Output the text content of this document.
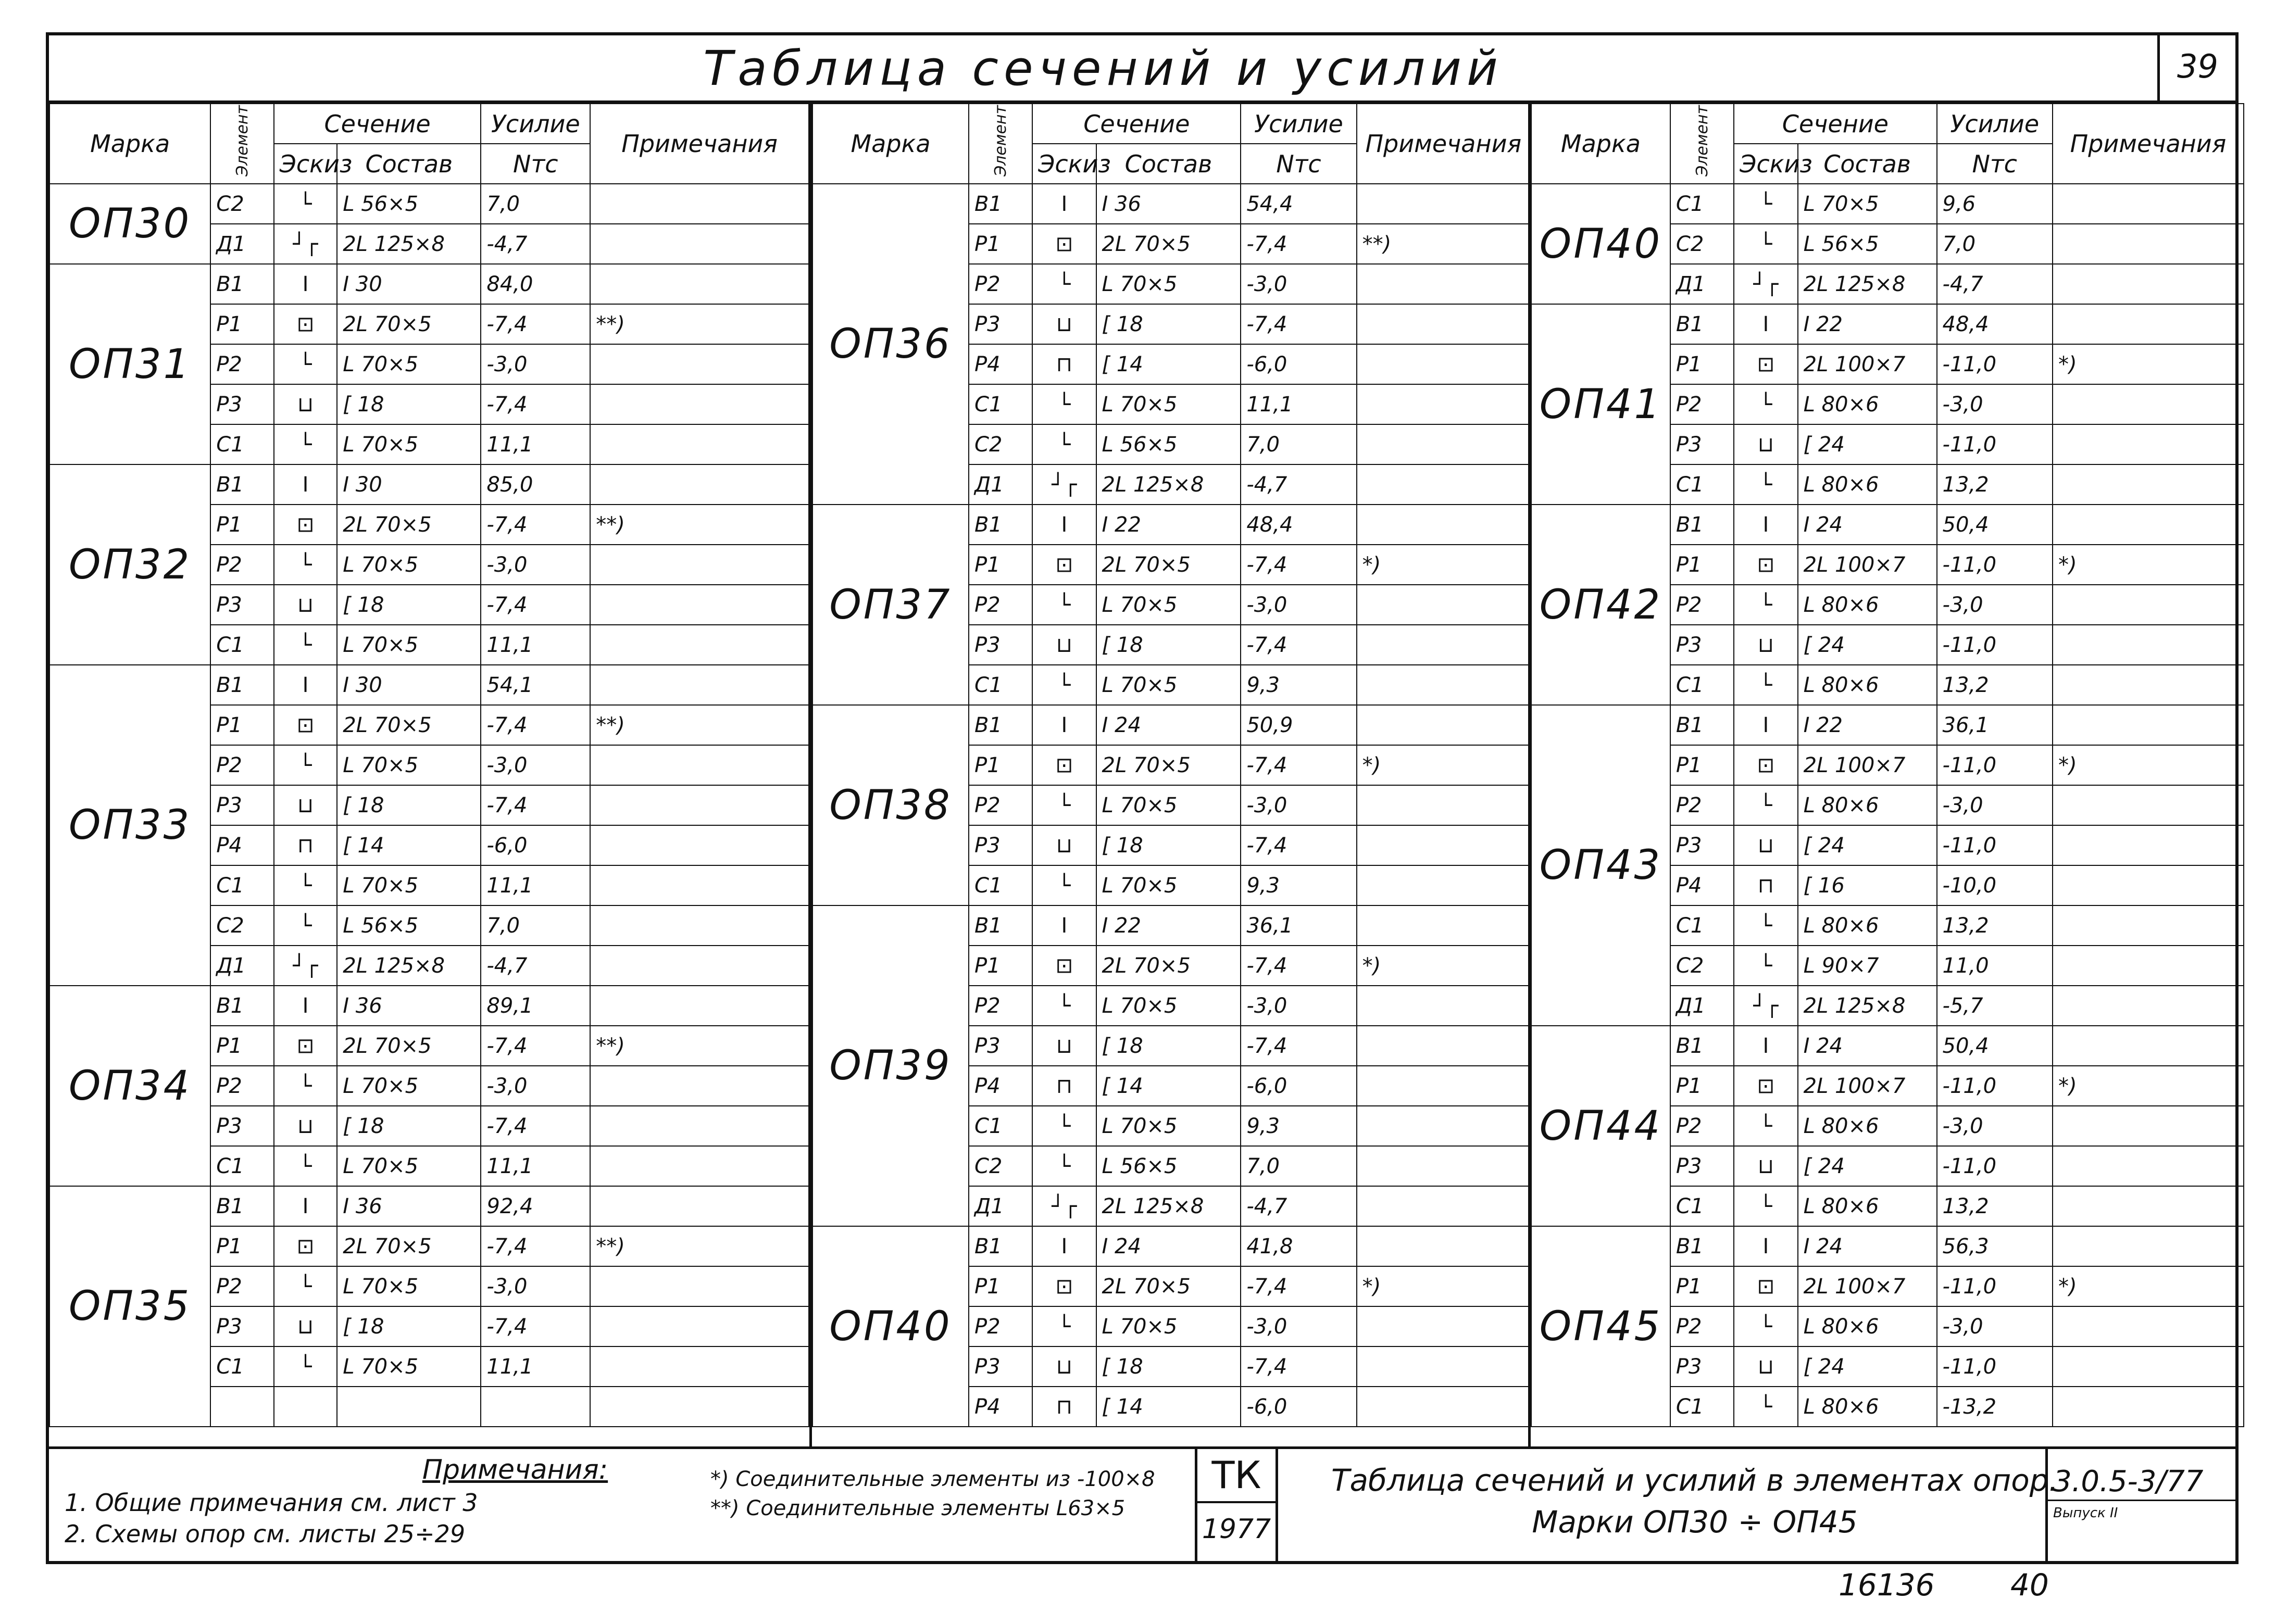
Таблица сечений и усилий	39
Марка	Элемент	Сечение		Усилие	Примечания
		Эскиз	Состав	Nтс	
ОП30	С2	└	L 56×5	7,0	
	Д1	┘┌	2L 125×8	-4,7	
ОП31	В1	I	I 30	84,0	
	Р1	⊡	2L 70×5	-7,4	**)
	Р2	└	L 70×5	-3,0	
	Р3	⊔	[ 18	-7,4	
	С1	└	L 70×5	11,1	
ОП32	В1	I	I 30	85,0	
	Р1	⊡	2L 70×5	-7,4	**)
	Р2	└	L 70×5	-3,0	
	Р3	⊔	[ 18	-7,4	
	С1	└	L 70×5	11,1	
ОП33	В1	I	I 30	54,1	
	Р1	⊡	2L 70×5	-7,4	**)
	Р2	└	L 70×5	-3,0	
	Р3	⊔	[ 18	-7,4	
	Р4	⊓	[ 14	-6,0	
	С1	└	L 70×5	11,1	
	С2	└	L 56×5	7,0	
	Д1	┘┌	2L 125×8	-4,7	
ОП34	В1	I	I 36	89,1	
	Р1	⊡	2L 70×5	-7,4	**)
	Р2	└	L 70×5	-3,0	
	Р3	⊔	[ 18	-7,4	
	С1	└	L 70×5	11,1	
ОП35	В1	I	I 36	92,4	
	Р1	⊡	2L 70×5	-7,4	**)
	Р2	└	L 70×5	-3,0	
	Р3	⊔	[ 18	-7,4	
	С1	└	L 70×5	11,1	

Марка	Элемент	Сечение		Усилие	Примечания
		Эскиз	Состав	Nтс	
ОП36	В1	I	I 36	54,4	
	Р1	⊡	2L 70×5	-7,4	**)
	Р2	└	L 70×5	-3,0	
	Р3	⊔	[ 18	-7,4	
	Р4	⊓	[ 14	-6,0	
	С1	└	L 70×5	11,1	
	С2	└	L 56×5	7,0	
	Д1	┘┌	2L 125×8	-4,7	
ОП37	В1	I	I 22	48,4	
	Р1	⊡	2L 70×5	-7,4	*)
	Р2	└	L 70×5	-3,0	
	Р3	⊔	[ 18	-7,4	
	С1	└	L 70×5	9,3	
ОП38	В1	I	I 24	50,9	
	Р1	⊡	2L 70×5	-7,4	*)
	Р2	└	L 70×5	-3,0	
	Р3	⊔	[ 18	-7,4	
	С1	└	L 70×5	9,3	
ОП39	В1	I	I 22	36,1	
	Р1	⊡	2L 70×5	-7,4	*)
	Р2	└	L 70×5	-3,0	
	Р3	⊔	[ 18	-7,4	
	Р4	⊓	[ 14	-6,0	
	С1	└	L 70×5	9,3	
	С2	└	L 56×5	7,0	
	Д1	┘┌	2L 125×8	-4,7	
ОП40	В1	I	I 24	41,8	
	Р1	⊡	2L 70×5	-7,4	*)
	Р2	└	L 70×5	-3,0	
	Р3	⊔	[ 18	-7,4	
	Р4	⊓	[ 14	-6,0	
Марка	Элемент	Сечение		Усилие	Примечания
		Эскиз	Состав	Nтс	
ОП40	С1	└	L 70×5	9,6	
	С2	└	L 56×5	7,0	
	Д1	┘┌	2L 125×8	-4,7	
ОП41	В1	I	I 22	48,4	
	Р1	⊡	2L 100×7	-11,0	*)
	Р2	└	L 80×6	-3,0	
	Р3	⊔	[ 24	-11,0	
	С1	└	L 80×6	13,2	
ОП42	В1	I	I 24	50,4	
	Р1	⊡	2L 100×7	-11,0	*)
	Р2	└	L 80×6	-3,0	
	Р3	⊔	[ 24	-11,0	
	С1	└	L 80×6	13,2	
ОП43	В1	I	I 22	36,1	
	Р1	⊡	2L 100×7	-11,0	*)
	Р2	└	L 80×6	-3,0	
	Р3	⊔	[ 24	-11,0	
	Р4	⊓	[ 16	-10,0	
	С1	└	L 80×6	13,2	
	С2	└	L 90×7	11,0	
	Д1	┘┌	2L 125×8	-5,7	
ОП44	В1	I	I 24	50,4	
	Р1	⊡	2L 100×7	-11,0	*)
	Р2	└	L 80×6	-3,0	
	Р3	⊔	[ 24	-11,0	
	С1	└	L 80×6	13,2	
ОП45	В1	I	I 24	56,3	
	Р1	⊡	2L 100×7	-11,0	*)
	Р2	└	L 80×6	-3,0	
	Р3	⊔	[ 24	-11,0	
	С1	└	L 80×6	-13,2	
Примечания:
1. Общие примечания см. лист 3
2. Схемы опор см. листы 25÷29
*) Соединительные элементы из -100×8
**) Соединительные элементы L63×5
ТК
1977
Таблица сечений и усилий в элементах опор.
Марки ОП30 ÷ ОП45
3.0.5-3/77
Выпуск II
16136	40
